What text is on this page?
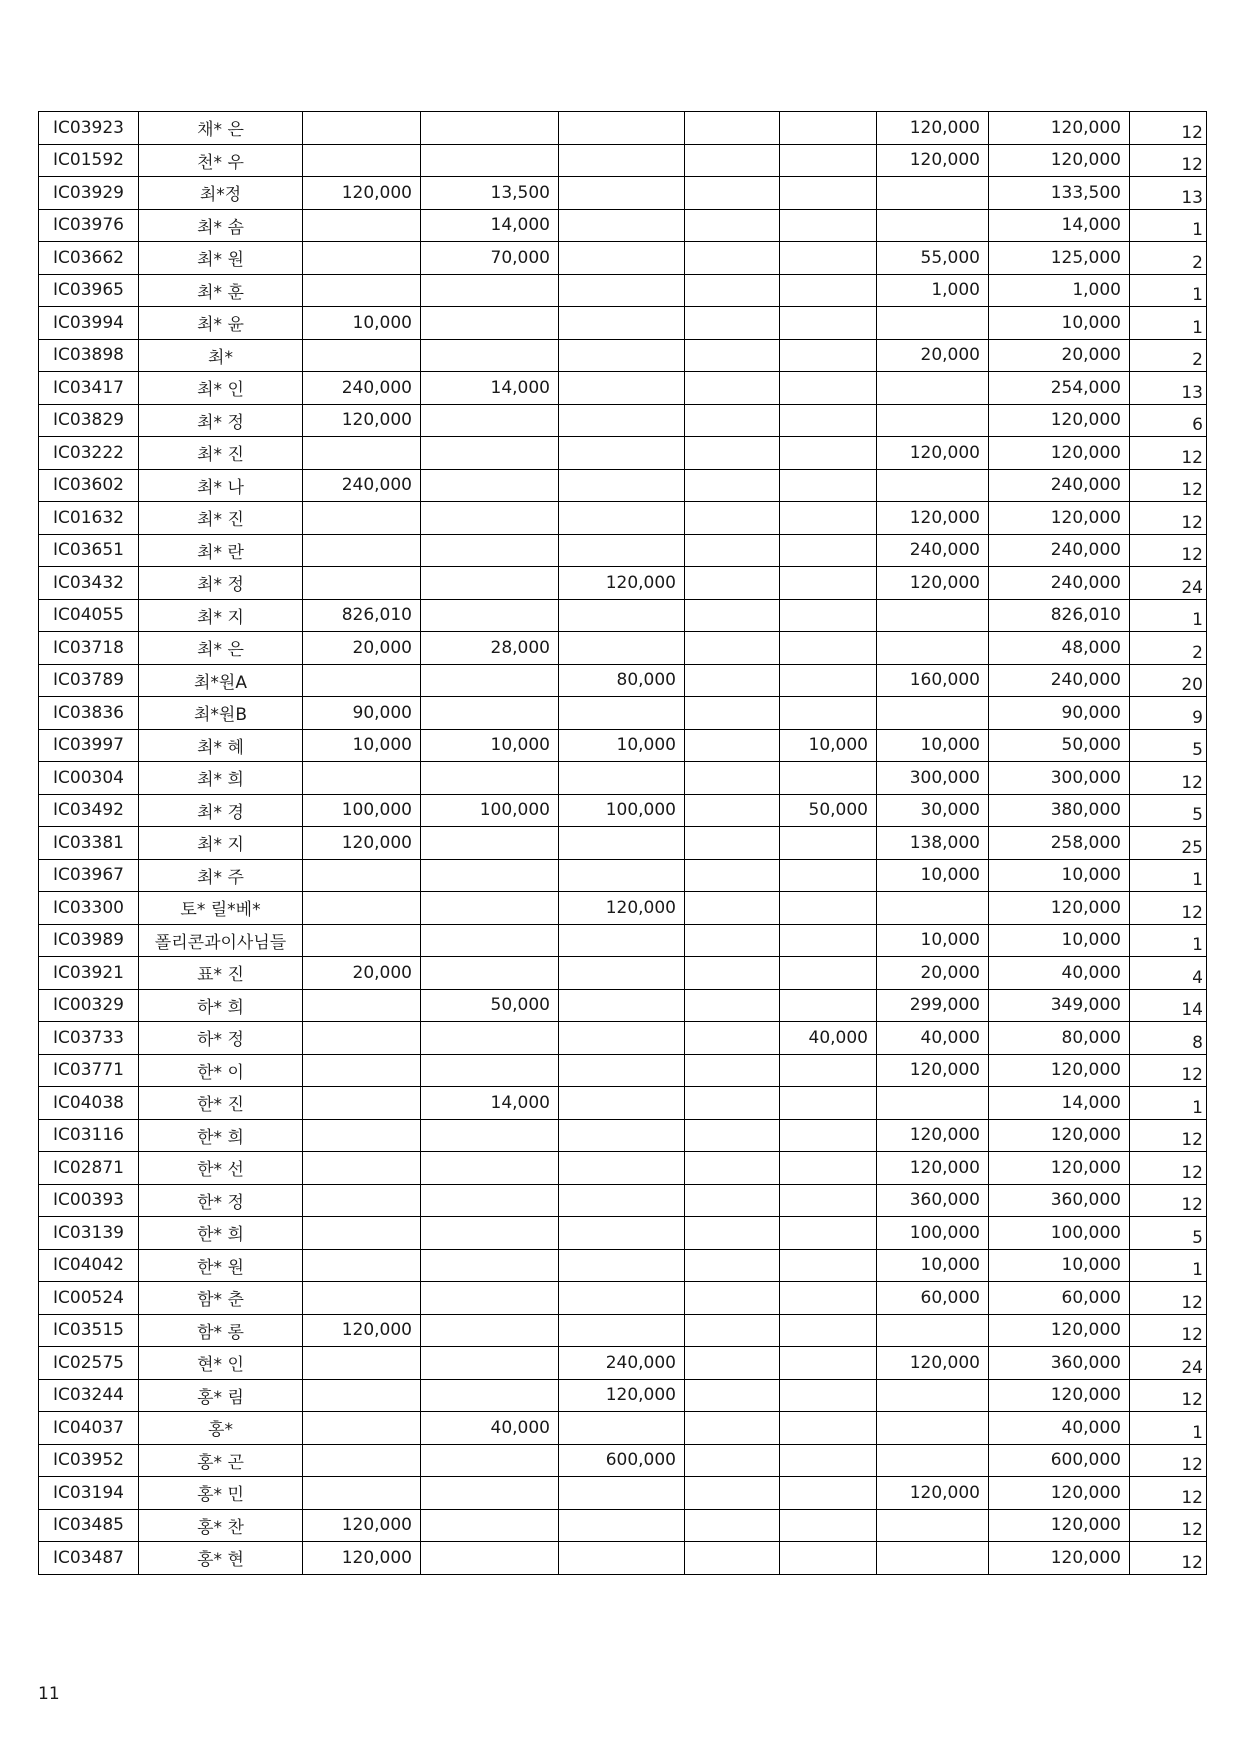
IC03923	채* 은						120,000	120,000	12
IC01592	천* 우						120,000	120,000	12
IC03929	최*정	120,000	13,500					133,500	13
IC03976	최* 솜		14,000					14,000	1
IC03662	최* 원		70,000				55,000	125,000	2
IC03965	최* 훈						1,000	1,000	1
IC03994	최* 윤	10,000						10,000	1
IC03898	최*						20,000	20,000	2
IC03417	최* 인	240,000	14,000					254,000	13
IC03829	최* 정	120,000						120,000	6
IC03222	최* 진						120,000	120,000	12
IC03602	최* 나	240,000						240,000	12
IC01632	최* 진						120,000	120,000	12
IC03651	최* 란						240,000	240,000	12
IC03432	최* 정			120,000			120,000	240,000	24
IC04055	최* 지	826,010						826,010	1
IC03718	최* 은	20,000	28,000					48,000	2
IC03789	최*원A			80,000			160,000	240,000	20
IC03836	최*원B	90,000						90,000	9
IC03997	최* 혜	10,000	10,000	10,000		10,000	10,000	50,000	5
IC00304	최* 희						300,000	300,000	12
IC03492	최* 경	100,000	100,000	100,000		50,000	30,000	380,000	5
IC03381	최* 지	120,000					138,000	258,000	25
IC03967	최* 주						10,000	10,000	1
IC03300	토* 릴*베*			120,000				120,000	12
IC03989	폴리콘과이사님들						10,000	10,000	1
IC03921	표* 진	20,000					20,000	40,000	4
IC00329	하* 희		50,000				299,000	349,000	14
IC03733	하* 정					40,000	40,000	80,000	8
IC03771	한* 이						120,000	120,000	12
IC04038	한* 진		14,000					14,000	1
IC03116	한* 희						120,000	120,000	12
IC02871	한* 선						120,000	120,000	12
IC00393	한* 정						360,000	360,000	12
IC03139	한* 희						100,000	100,000	5
IC04042	한* 원						10,000	10,000	1
IC00524	함* 춘						60,000	60,000	12
IC03515	함* 롱	120,000						120,000	12
IC02575	현* 인			240,000			120,000	360,000	24
IC03244	홍* 림			120,000				120,000	12
IC04037	홍*		40,000					40,000	1
IC03952	홍* 곤			600,000				600,000	12
IC03194	홍* 민						120,000	120,000	12
IC03485	홍* 찬	120,000						120,000	12
IC03487	홍* 현	120,000						120,000	12
11
